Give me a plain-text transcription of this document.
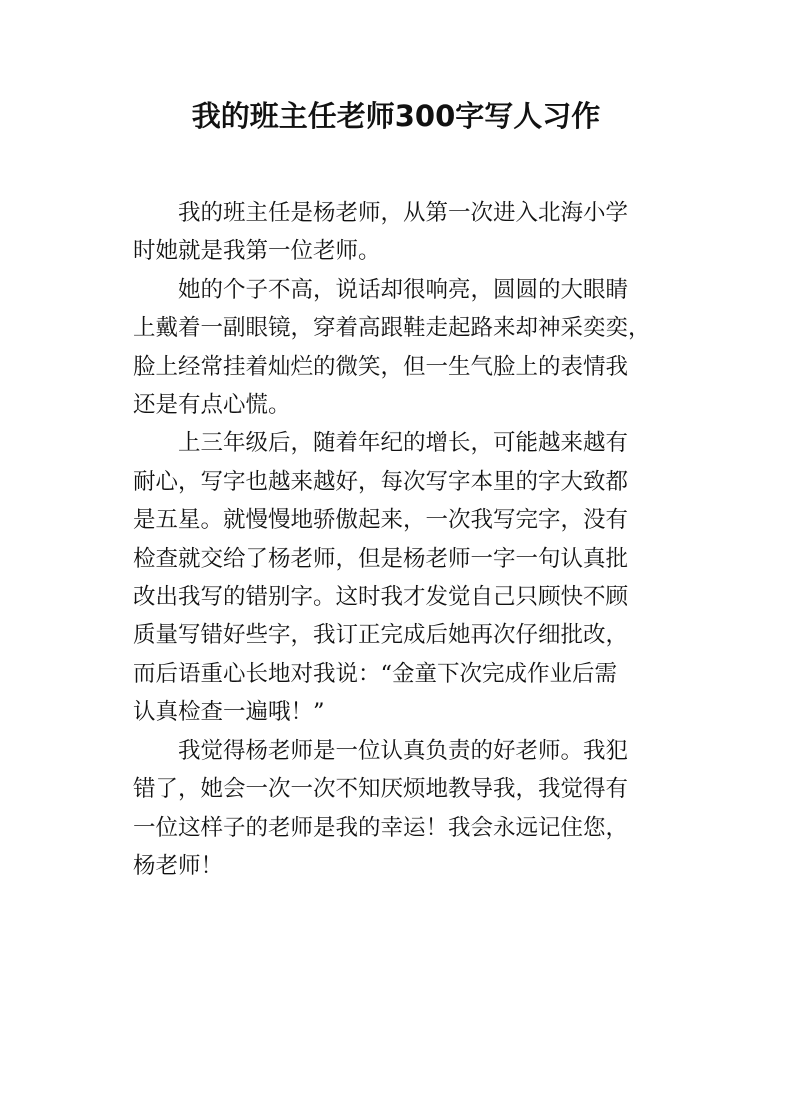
我的班主任老师300字写人习作

我的班主任是杨老师，从第一次进入北海小学
时她就是我第一位老师。

她的个子不高，说话却很响亮，圆圆的大眼睛
上戴着一副眼镜，穿着高跟鞋走起路来却神采奕奕，
脸上经常挂着灿烂的微笑，但一生气脸上的表情我
还是有点心慌。

上三年级后，随着年纪的增长，可能越来越有
耐心，写字也越来越好，每次写字本里的字大致都
是五星。就慢慢地骄傲起来，一次我写完字，没有
检查就交给了杨老师，但是杨老师一字一句认真批
改出我写的错别字。这时我才发觉自己只顾快不顾
质量写错好些字，我订正完成后她再次仔细批改，
而后语重心长地对我说：“金童下次完成作业后需
认真检查一遍哦！”

我觉得杨老师是一位认真负责的好老师。我犯
错了，她会一次一次不知厌烦地教导我，我觉得有
一位这样子的老师是我的幸运！我会永远记住您，
杨老师！
